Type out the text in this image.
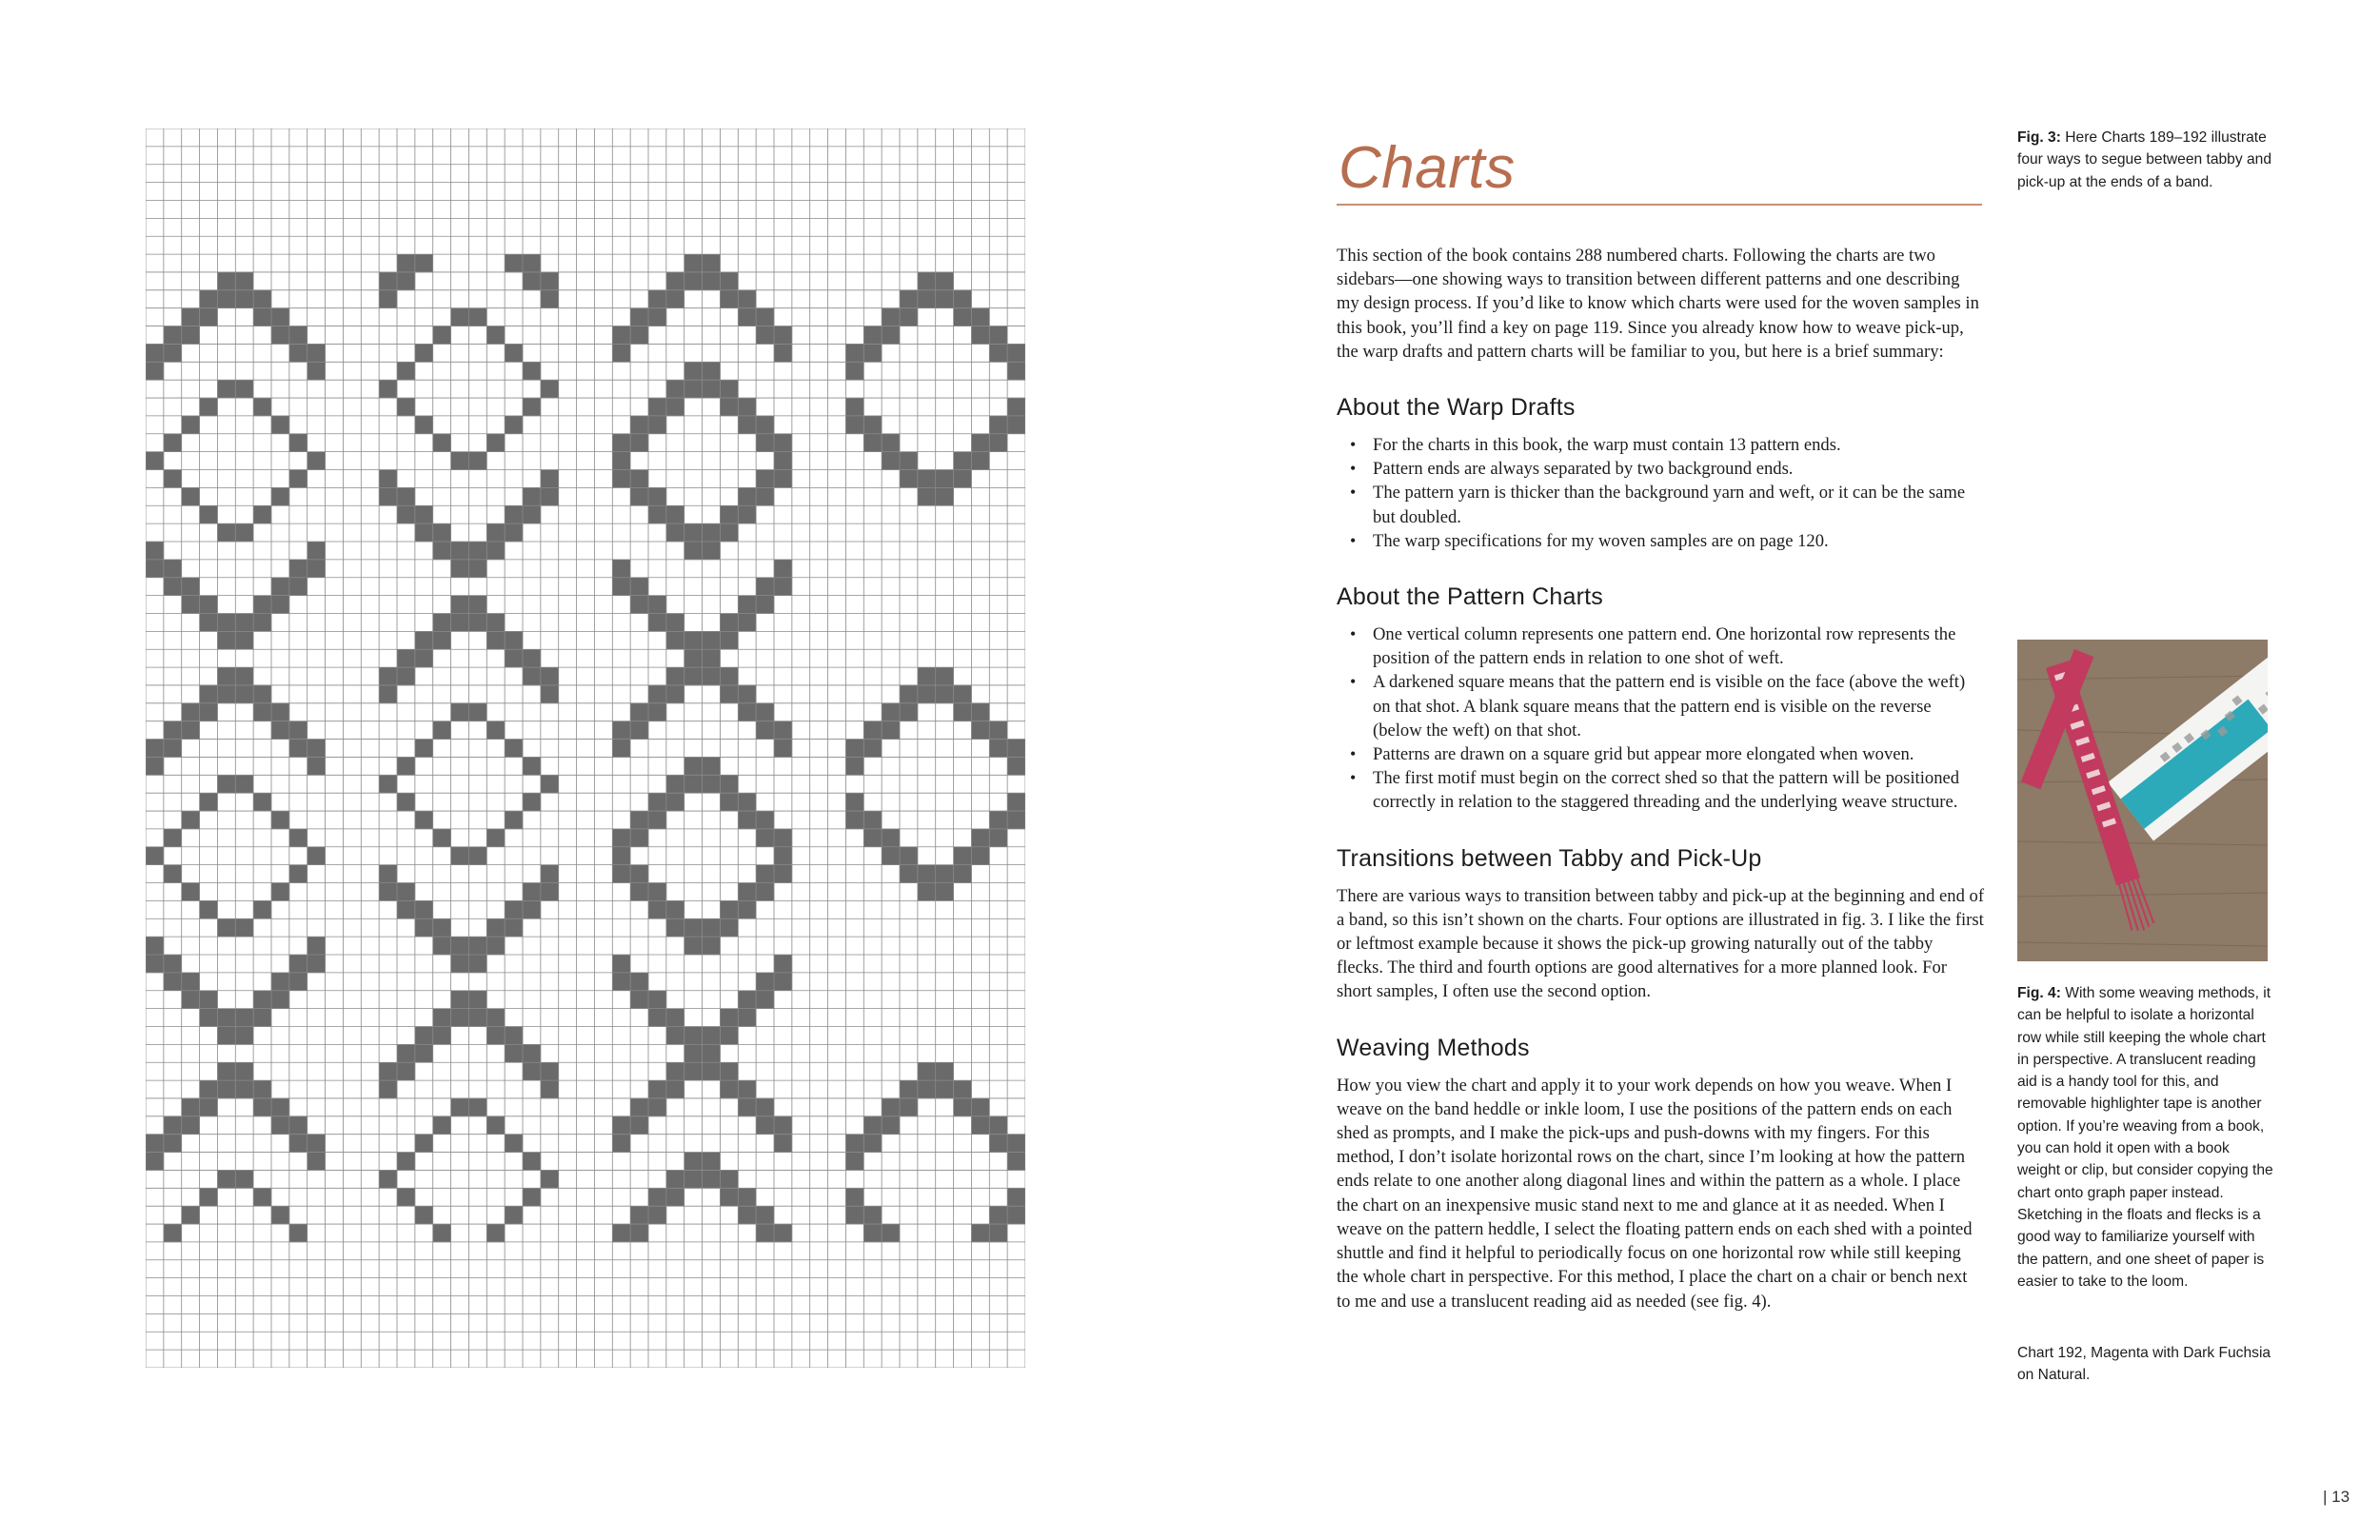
Charts

This section of the book contains 288 numbered charts. Following the charts are two sidebars—one showing ways to transition between different patterns and one describing my design process. If you’d like to know which charts were used for the woven samples in this book, you’ll find a key on page 119. Since you already know how to weave pick-up, the warp drafts and pattern charts will be familiar to you, but here is a brief summary:

About the Warp Drafts
• For the charts in this book, the warp must contain 13 pattern ends.
• Pattern ends are always separated by two background ends.
• The pattern yarn is thicker than the background yarn and weft, or it can be the same but doubled.
• The warp specifications for my woven samples are on page 120.
About the Pattern Charts
• One vertical column represents one pattern end. One horizontal row represents the position of the pattern ends in relation to one shot of weft.
• A darkened square means that the pattern end is visible on the face (above the weft) on that shot. A blank square means that the pattern end is visible on the reverse (below the weft) on that shot.
• Patterns are drawn on a square grid but appear more elongated when woven.
• The first motif must begin on the correct shed so that the pattern will be positioned correctly in relation to the staggered threading and the underlying weave structure.
Transitions between Tabby and Pick-Up

There are various ways to transition between tabby and pick-up at the beginning and end of a band, so this isn’t shown on the charts. Four options are illustrated in fig. 3. I like the first or leftmost example because it shows the pick-up growing naturally out of the tabby flecks. The third and fourth options are good alternatives for a more planned look. For short samples, I often use the second option.

Weaving Methods

How you view the chart and apply it to your work depends on how you weave. When I weave on the band heddle or inkle loom, I use the positions of the pattern ends on each shed as prompts, and I make the pick-ups and push-downs with my fingers. For this method, I don’t isolate horizontal rows on the chart, since I’m looking at how the pattern ends relate to one another along diagonal lines and within the pattern as a whole. I place the chart on an inexpensive music stand next to me and glance at it as needed. When I weave on the pattern heddle, I select the floating pattern ends on each shed with a pointed shuttle and find it helpful to periodically focus on one horizontal row while still keeping the whole chart in perspective. For this method, I place the chart on a chair or bench next to me and use a translucent reading aid as needed (see fig. 4).

Fig. 3: Here Charts 189–192 illustrate four ways to segue between tabby and pick-up at the ends of a band.
Fig. 4: With some weaving methods, it can be helpful to isolate a horizontal row while still keeping the whole chart in perspective. A translucent reading aid is a handy tool for this, and removable highlighter tape is another option. If you’re weaving from a book, you can hold it open with a book weight or clip, but consider copying the chart onto graph paper instead. Sketching in the floats and flecks is a good way to familiarize yourself with the pattern, and one sheet of paper is easier to take to the loom.
Chart 192, Magenta with Dark Fuchsia on Natural.
| 13
